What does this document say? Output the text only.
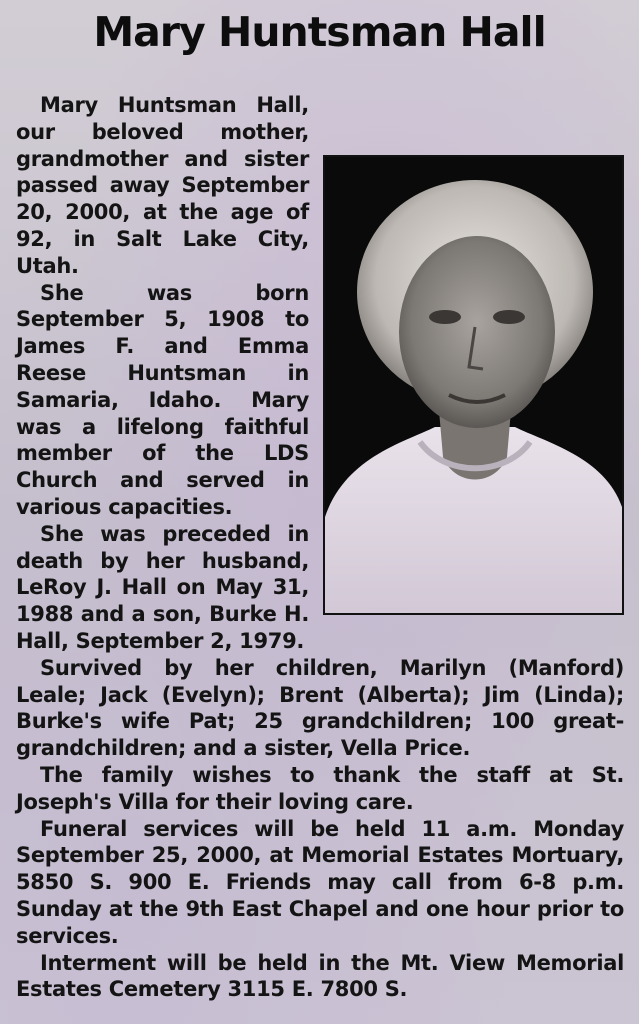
Mary Huntsman Hall

Mary Huntsman Hall, our beloved mother, grandmother and sister passed away September 20, 2000, at the age of 92, in Salt Lake City, Utah.

She was born September 5, 1908 to James F. and Emma Reese Huntsman in Samaria, Idaho. Mary was a lifelong faithful member of the LDS Church and served in various capacities.

She was preceded in death by her husband, LeRoy J. Hall on May 31, 1988 and a son, Burke H. Hall, September 2, 1979.

Survived by her children, Marilyn (Manford) Leale; Jack (Evelyn); Brent (Alberta); Jim (Linda); Burke's wife Pat; 25 grandchildren; 100 great-grandchildren; and a sister, Vella Price.

The family wishes to thank the staff at St. Joseph's Villa for their loving care.

Funeral services will be held 11 a.m. Monday September 25, 2000, at Memorial Estates Mortuary, 5850 S. 900 E. Friends may call from 6-8 p.m. Sunday at the 9th East Chapel and one hour prior to services.

Interment will be held in the Mt. View Memorial Estates Cemetery 3115 E. 7800 S.
